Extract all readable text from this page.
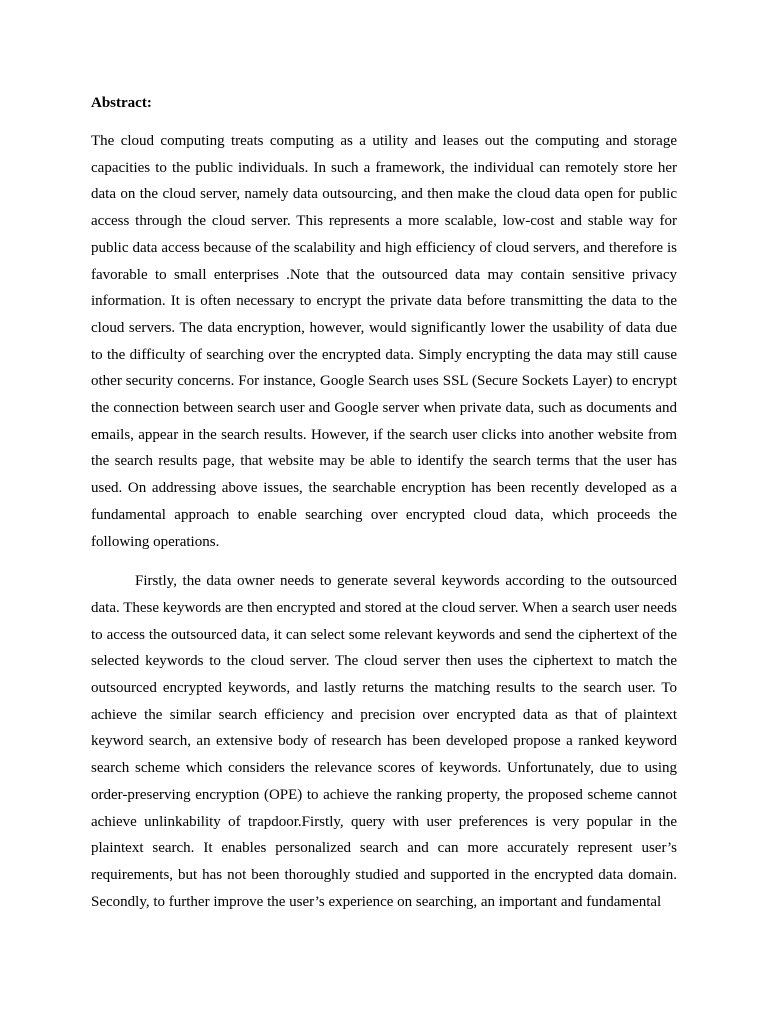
Abstract:

The cloud computing treats computing as a utility and leases out the computing and storage capacities to the public individuals. In such a framework, the individual can remotely store her data on the cloud server, namely data outsourcing, and then make the cloud data open for public access through the cloud server. This represents a more scalable, low-cost and stable way for public data access because of the scalability and high efficiency of cloud servers, and therefore is favorable to small enterprises .Note that the outsourced data may contain sensitive privacy information. It is often necessary to encrypt the private data before transmitting the data to the cloud servers. The data encryption, however, would significantly lower the usability of data due to the difficulty of searching over the encrypted data. Simply encrypting the data may still cause other security concerns. For instance, Google Search uses SSL (Secure Sockets Layer) to encrypt the connection between search user and Google server when private data, such as documents and emails, appear in the search results. However, if the search user clicks into another website from the search results page, that website may be able to identify the search terms that the user has used. On addressing above issues, the searchable encryption has been recently developed as a fundamental approach to enable searching over encrypted cloud data, which proceeds the following operations.

Firstly, the data owner needs to generate several keywords according to the outsourced data. These keywords are then encrypted and stored at the cloud server. When a search user needs to access the outsourced data, it can select some relevant keywords and send the ciphertext of the selected keywords to the cloud server. The cloud server then uses the ciphertext to match the outsourced encrypted keywords, and lastly returns the matching results to the search user. To achieve the similar search efficiency and precision over encrypted data as that of plaintext keyword search, an extensive body of research has been developed propose a ranked keyword search scheme which considers the relevance scores of keywords. Unfortunately, due to using order-preserving encryption (OPE) to achieve the ranking property, the proposed scheme cannot achieve unlinkability of trapdoor.Firstly, query with user preferences is very popular in the plaintext search. It enables personalized search and can more accurately represent user’s requirements, but has not been thoroughly studied and supported in the encrypted data domain. Secondly, to further improve the user’s experience on searching, an important and fundamental
